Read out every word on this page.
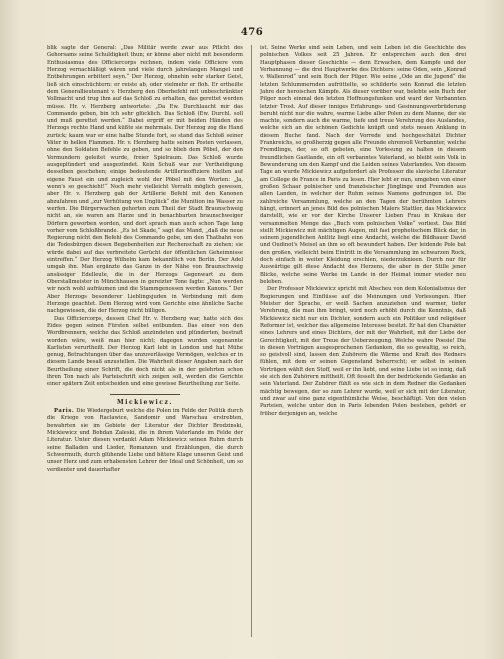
476

blik sagte der General: „Das Militär werde zwar aus Pflicht des Gehorsams seine Schuldigkeit thun; er könne aber nicht mit besonderm Enthusiasmus des Officiercorps rechnen, indem viele Officiere vom Herzog vernachläßigt wären und viele durch jahrelangen Mangel und Entbehrungen erbittert seyn.“ Der Herzog, ohnehin sehr starker Geist, ließ sich einschüchtern: er reiste ab, oder vielmehr er floh. Er ertheilte dem Generallieutenant v. Herzberg den Oberbefehl mit unbeschränkter Vollmacht und trug ihm auf das Schloß zu erhalten, das gerettet werden müsse. Hr. v. Herzberg antwortete: „Da Ew. Durchlaucht mir das Commando geben, bin ich sehr glücklich. Das Schloß (Ew. Durchl. soll und muß gerettet werden.“ Dabei ergriff er mit beiden Händen des Herzogs rechte Hand und küßte sie mehrmals. Der Herzog zog die Hand zurück; kaum war er eine halbe Stunde fort, so stand das Schloß seiner Väter in hellen Flammen. Hr. v. Herzberg hatte seinen Posten verlassen, ohne den Soldaten Befehle zu geben, und so blieb dem Pöbel, der den Vormundern geleitet wurde, freier Spielraum. Das Schloß wurde ausgeplündert und ausgezündet. Kein Schuß war zur Vertheidigung desselben geschehen; einige bedeutende Artillerieoffiziere hielten auf eigene Faust ein und zugleich wohl der Pöbel mit den Worten: „Ja, wenn's so geschieht!“ Noch mehr vielleicht Verrath möglich gewesen, aber Hr. v. Herzberg gab der Artillerie Befehl mit den Kanonen abzufahren und „zur Verhütung von Unglück“ die Munition ins Wasser zu werfen. Die Bürgerwachen gehorten zum Theil der Stadt Braunschweig nicht an, sie waren am Harze und in benachbarten braunschweiger Dörfern geworben worden, und dort sprach man auch schon Tage lang vorher vom Schloßbrande. „Es ist Skade,“ sagt das Mand, „daß die neue Regierung nicht den Befehl des Commando gebe, um den Thatbahn von die Todesbürgen diesen Begebenheiten zur Rechenschaft zu ziehen; sie würde dabei auf das verbreitete Gerücht der öffentlichen Geheimnisse eintreffen.“ Der Herzog Wilhelm kam bekanntlich von Berlin. Der Adel umgab ihn. Man ergänzte das Ganze in der Nähe von Braunschweig ansässiger Edelleute, die in der Herzogs Gegenwart zu dem Oberstallmeister in Münchhausen in gereizter Tone fagte: „Nun werden wir noch wohl aufräumen und die Stammgenossen werden Kanons.“ Der Aber Herzogs besonderer Lieblingsjuden in Verbindung mit dem Herzoge geachtet. Dem Herzog wird vom Gerichte eine ähnliche Sache nachgewiesen, die der Herzog nicht billigen.

Das Officiercorps, dessen Chef Hr. v. Herzberg war, hatte sich des Eides gegen seinen Fürsten selbst entbunden. Das einer von den Wordbrennern, welche das Schloß anzündeten und plünderten, bestraft worden wäre, weiß man hier nicht; dagegen wurden sogenannte Karlisten verurtheilt. Der Herzog Karl lebt in London und hat Mühe genug, Betrachtungen über das unzuverlässige Vermögen, welches er in diesem Lande besaß anzustellen. Die Wahrheit dieser Angaben nach der Beurtheilung einer Schrift, die doch nicht als in der gelehrten schon ihren Ton nach als Parteischrift sich zeigen soll, werden die Gerichte einer spätern Zeit entscheiden und eine gewisse Beurtheilung zur Seite.

Mickiewicz.

Paris. Die Wiedergeburt welche die Polen im Felde der Politik durch die Kriege von Raclawice, Sandomir und Warschau erstrebten, bewahrten sie im Gebiete der Literatur der Dichter Brodzinski, Mickiewicz und Bohdan Zaleski, die in ihrem Vaterlande im Felde der Literatur. Unter diesen verdankt Adam Mickiewicz seinen Ruhm durch seine Balladen und Lieder, Romanzen und Erzählungen, die durch Schwermuth, durch glühende Liebe und bittere Klage unseren Geist und unser Herz und zum erhabensten Lehrer der Ideal und Schönheit, um so verdienter und dauerhafter

ist. Seine Werke sind sein Leben, und sein Leben ist die Geschichte des polnischen Volkes seit 25 Jahren. Er entsprechen auch den drei Hauptphasen dieser Geschichte — dem Erwachen, dem Kampfe und der Verbannung — die drei Hauptwerke des Dichters: seine Oden, sein „Konrad v. Wallenrod“ und sein Buch der Pilger. Wie seine „Ode an die Jugend“ die letzten Schlummernden aufrüttelte, so schilderte sein Konrad die letzten Jahre der heroischen Kämpfe. Als dieser vorüber war, belebte sein Buch der Pilger noch einmal den letzten Hoffnungsfunken und ward der Verbannten letzter Trost. Auf dieser inniges Erfahrungs- und Gesinnungsverbrüderung beruht nicht nur die wahre, warme Liebe aller Polen zu dem Manne, der sie machte, sondern auch die warme, tiefe und treue Verehrung des Auslandes, welche sich an die schönen Gedichte knüpft und stets neuen Anklang in diesem Buche fand. Nach der Vorrede und hochgeschätzt Dichter Frankreichs, so großherzig gegen alle Freunde ehrenvoll Verbannter, welche Fremdlinge, der, so oft gebeten, eine Vorlesung zu halten in diesem freundlichen Gastlande, ein oft verbanntes Vaterland, so bleibt sein Volk in Bewunderung um den Kampf und die Leiden seines Vaterlandes. Von diesem Tage an wurde Mickiewicz aufgefordert als Professor die slavische Literatur am College de France in Paris zu lesen. Hier lebt er nun, umgeben von einer großen Schaar polnischer und französischer Jünglinge und Fremden aus allen Landen, in welcher der Ruhm seines Namens gedrungen ist. Die zahlreiche Versammlung, welche an den Tagen der berühmten Lehrers hängt, erinnert an jenes Bild des polnischen Malers Stattler, das Mickiewicz darstellt, wie er vor der Kirche Unserer Lieben Frau in Krakau der versammelten Menge das „Buch vom polnischen Volke“ vorliest. Das Bild stellt Mickiewicz mit mächtigen Augen, mit fast prophetischem Blick dar, in seinem jugendlichen Antlitz liegt eine Andacht, welche die Bildhauer David und Oudinot's Meisel an ihm so oft bewundert haben. Der leidende Pole bat den großen, vielleicht beim Eintritt in die Versammlung im schwarzen Rock, doch einfach in weiter Kleidung erschien, niederzuknieen. Durch nur für Auswärtige gilt diese Andacht des Herzens, die aber in der Stille jener Blicke, welche seine Werke im Lande in der Heimat immer wieder neu beleben.

Der Professor Mickiewicz spricht mit Abscheu von dem Kolonialismus der Regierungen und Einflüsse auf die Meinungen und Vorlesungen. Hier Meister der Sprache, er weiß Sachen anzuziehen und warmer, tiefer Verehrung, die man ihm bringt, wird noch erhöht durch die Kenntnis, daß Mickiewicz nicht nur ein Dichter, sondern auch ein Politiker und religiöser Reformer ist, welcher das allgemeine Interesse besitzt. Er hat den Charakter eines Lehrers und eines Dichters, der mit der Wahrheit, mit der Liebe der Gerechtigkeit, mit der Treue der Ueberzeugung. Welche wahre Poesie! Die in diesen Vorträgen ausgesprochenen Gedanken, die so gewaltig, so reich, so geistvoll sind, lassen den Zuhörern die Wärme und Kraft des Redners fühlen, mit dem er seinen Gegenstand beherrscht; er selbst in seinen Vorträgen wählt den Stoff, weil er ihn liebt, und seine Liebe ist so innig, daß sie sich den Zuhörern mittheilt. Oft fesselt ihn der bedrückende Gedanke an sein Vaterland. Der Zuhörer fühlt es wie sich in dem Redner die Gedanken mächtig bewegen, der so zum Lehrer wurde, weil er sich mit der Literatur, und zwar auf eine ganz eigenthümliche Weise, beschäftigt. Von den vielen Parteien, welche unter den in Paris lebenden Polen bestehen, gehört er früher derjenigen an, welche
